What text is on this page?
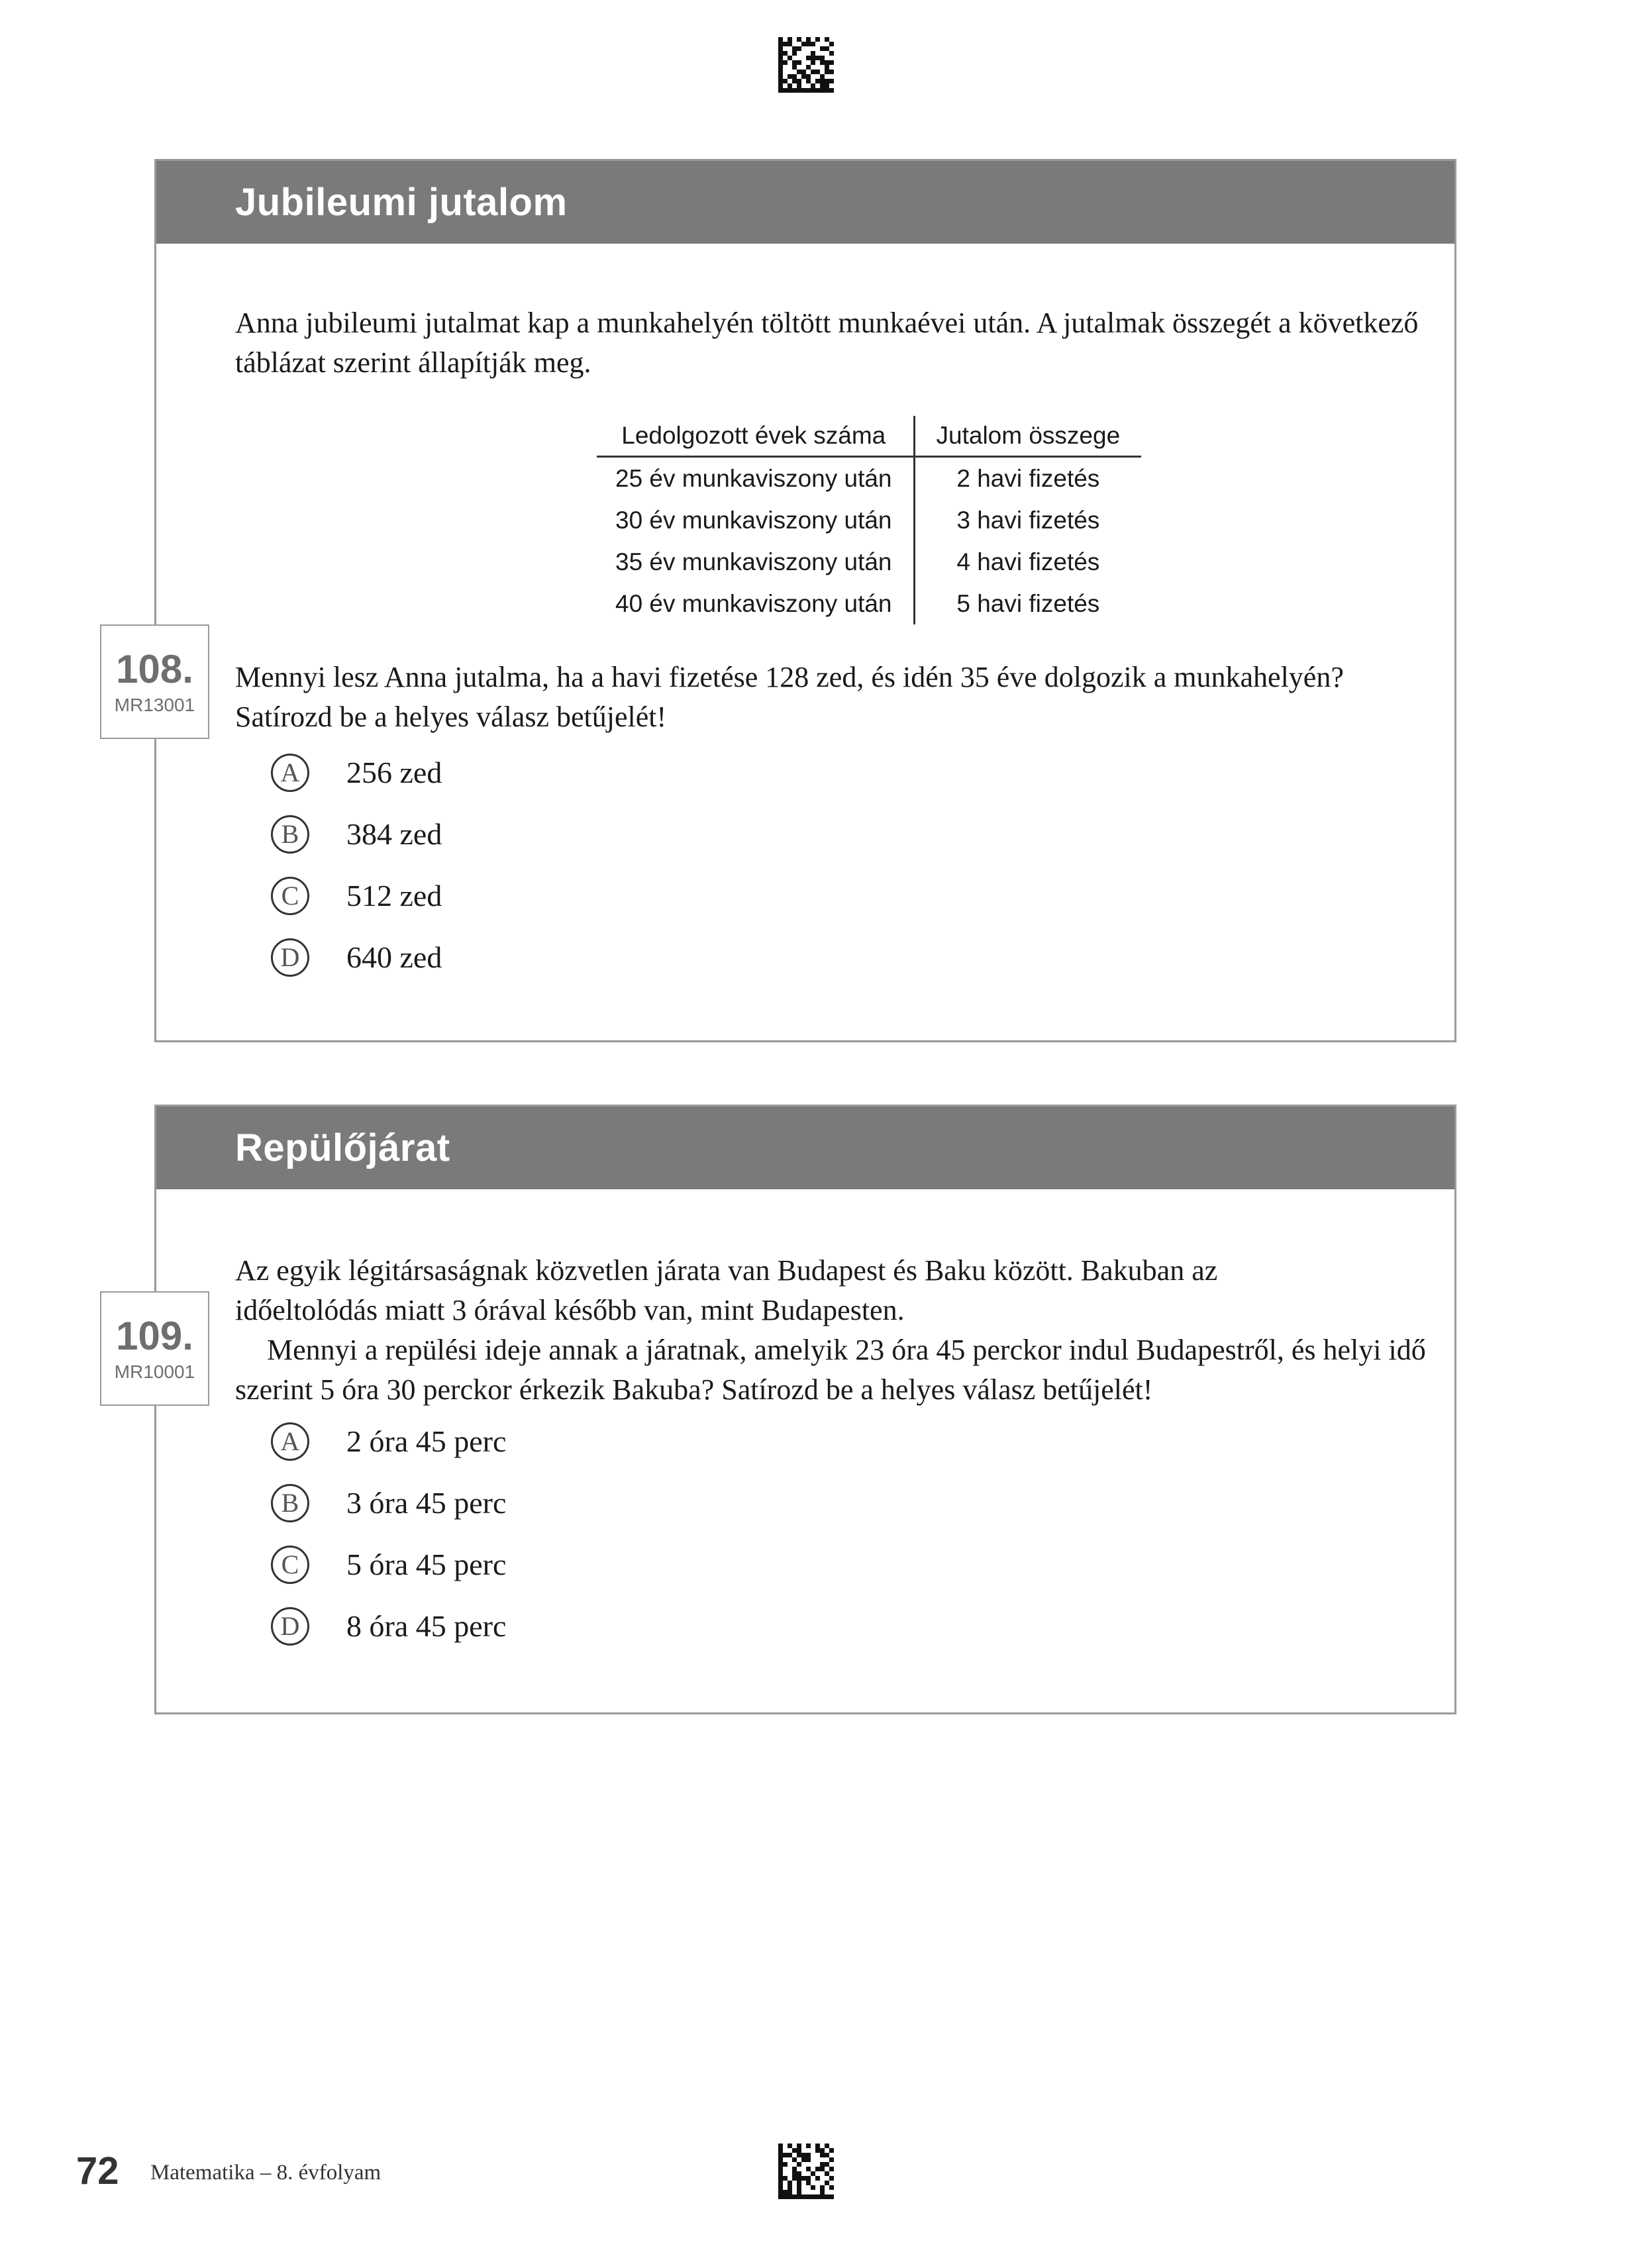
Jubileumi jutalom

Anna jubileumi jutalmat kap a munkahelyén töltött munkaévei után. A jutalmak összegét a következő táblázat szerint állapítják meg.

Ledolgozott évek száma	Jutalom összege
25 év munkaviszony után	2 havi fizetés
30 év munkaviszony után	3 havi fizetés
35 év munkaviszony után	4 havi fizetés
40 év munkaviszony után	5 havi fizetés

Mennyi lesz Anna jutalma, ha a havi fizetése 128 zed, és idén 35 éve dolgozik a munkahelyén? Satírozd be a helyes válasz betűjelét!

A	256 zed
B	384 zed
C	512 zed
D	640 zed
108.
MR13001
Repülőjárat

Az egyik légitársaságnak közvetlen járata van Budapest és Baku között. Bakuban az időeltolódás miatt 3 órával később van, mint Budapesten.

Mennyi a repülési ideje annak a járatnak, amelyik 23 óra 45 perckor indul Budapestről, és helyi idő szerint 5 óra 30 perckor érkezik Bakuba? Satírozd be a helyes válasz betűjelét!

A	2 óra 45 perc
B	3 óra 45 perc
C	5 óra 45 perc
D	8 óra 45 perc
109.
MR10001
72 Matematika – 8. évfolyam
